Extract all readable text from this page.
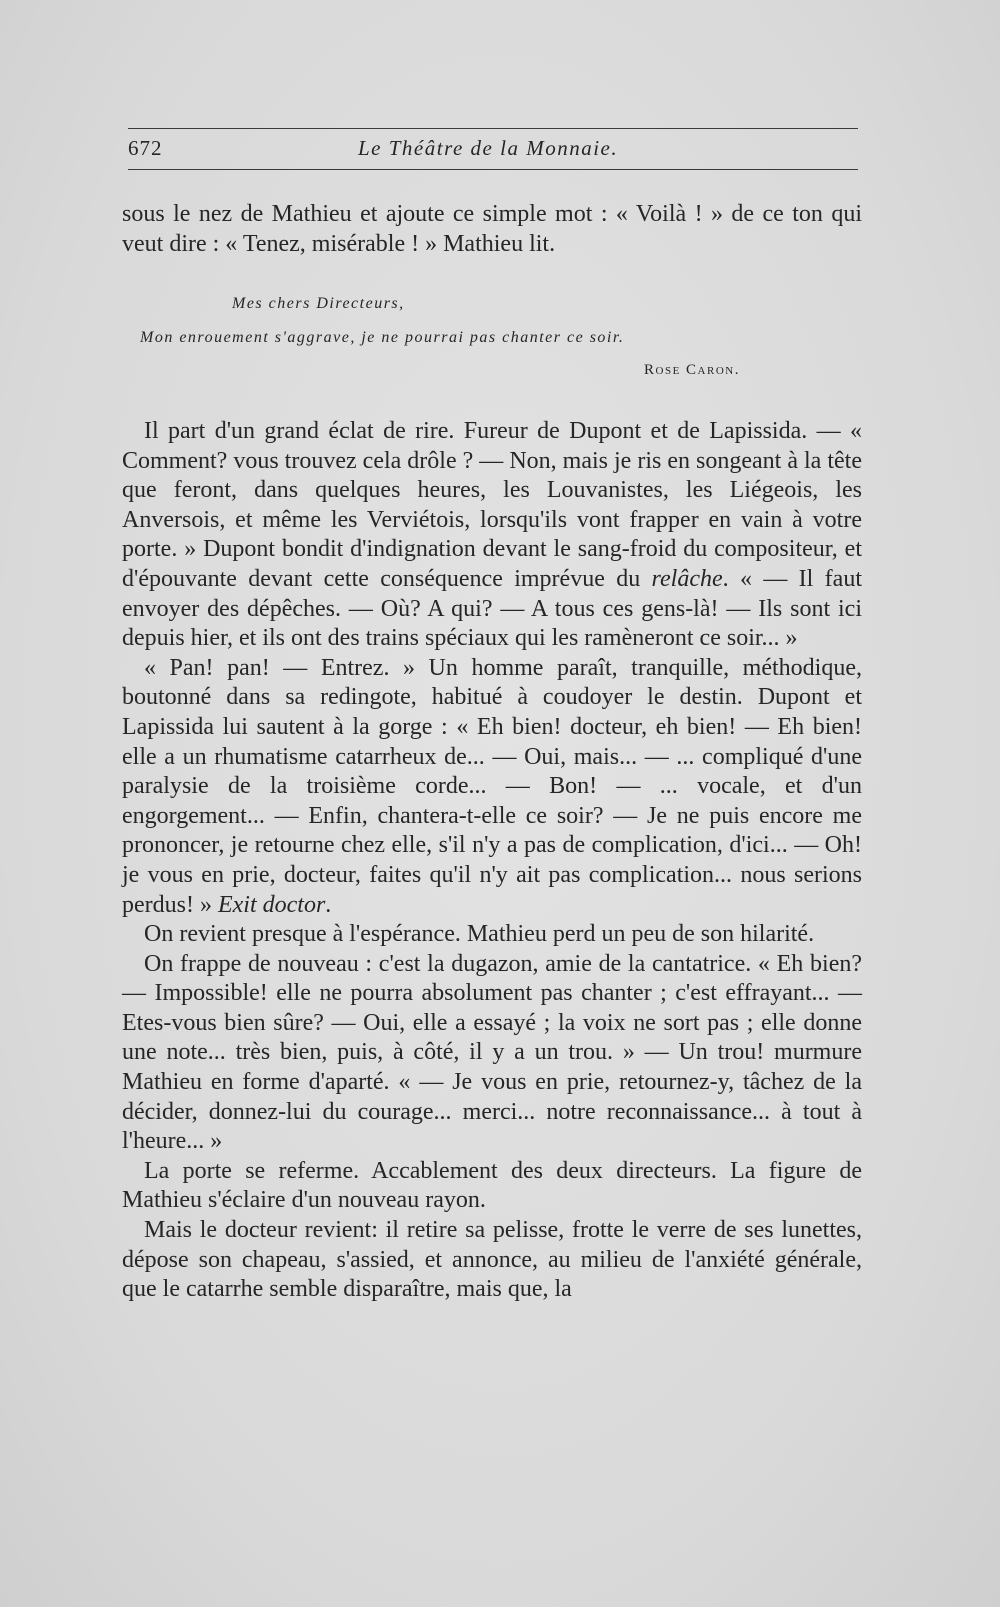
672	Le Théâtre de la Monnaie.

sous le nez de Mathieu et ajoute ce simple mot : « Voilà ! » de ce ton qui veut dire : « Tenez, misérable ! » Mathieu lit.

Mes chers Directeurs,
Mon enrouement s'aggrave, je ne pourrai pas chanter ce soir.
Rose Caron.

Il part d'un grand éclat de rire. Fureur de Dupont et de Lapissida. — « Comment? vous trouvez cela drôle ? — Non, mais je ris en songeant à la tête que feront, dans quelques heures, les Louvanistes, les Liégeois, les Anversois, et même les Verviétois, lorsqu'ils vont frapper en vain à votre porte. » Dupont bondit d'indignation devant le sang-froid du compositeur, et d'épouvante devant cette conséquence imprévue du relâche. « — Il faut envoyer des dépêches. — Où? A qui? — A tous ces gens-là! — Ils sont ici depuis hier, et ils ont des trains spéciaux qui les ramèneront ce soir... »

« Pan! pan! — Entrez. » Un homme paraît, tranquille, méthodique, boutonné dans sa redingote, habitué à coudoyer le destin. Dupont et Lapissida lui sautent à la gorge : « Eh bien! docteur, eh bien! — Eh bien! elle a un rhumatisme catarrheux de... — Oui, mais... — ... compliqué d'une paralysie de la troisième corde... — Bon! — ... vocale, et d'un engorgement... — Enfin, chantera-t-elle ce soir? — Je ne puis encore me prononcer, je retourne chez elle, s'il n'y a pas de complication, d'ici... — Oh! je vous en prie, docteur, faites qu'il n'y ait pas complication... nous serions perdus! » Exit doctor.

On revient presque à l'espérance. Mathieu perd un peu de son hilarité.

On frappe de nouveau : c'est la dugazon, amie de la cantatrice. « Eh bien? — Impossible! elle ne pourra absolument pas chanter ; c'est effrayant... — Etes-vous bien sûre? — Oui, elle a essayé ; la voix ne sort pas ; elle donne une note... très bien, puis, à côté, il y a un trou. » — Un trou! murmure Mathieu en forme d'aparté. « — Je vous en prie, retournez-y, tâchez de la décider, donnez-lui du courage... merci... notre reconnaissance... à tout à l'heure... »

La porte se referme. Accablement des deux directeurs. La figure de Mathieu s'éclaire d'un nouveau rayon.

Mais le docteur revient: il retire sa pelisse, frotte le verre de ses lunettes, dépose son chapeau, s'assied, et annonce, au milieu de l'anxiété générale, que le catarrhe semble disparaître, mais que, la
